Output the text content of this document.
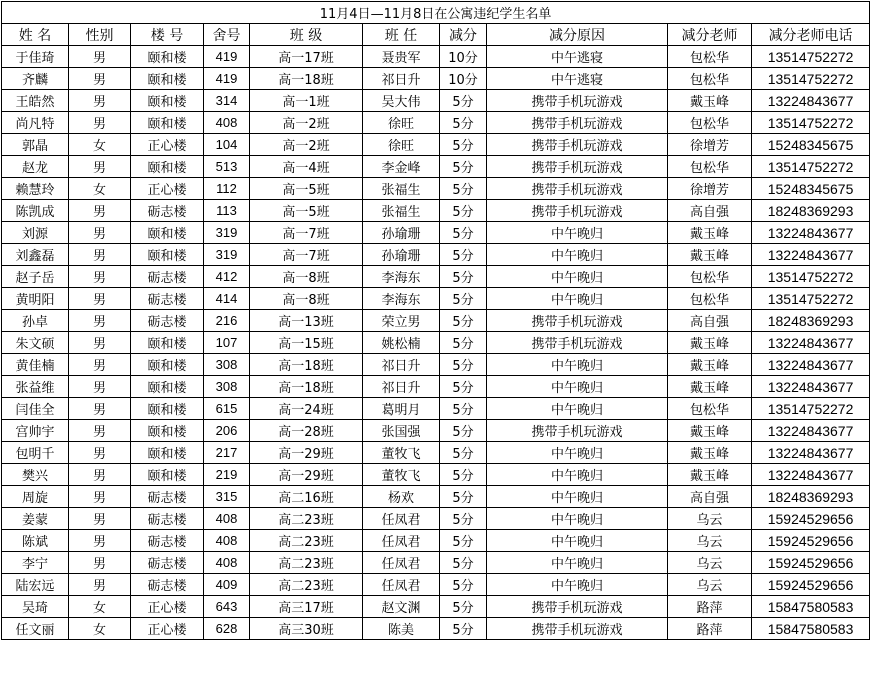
11月4日—11月8日在公寓违纪学生名单									
姓 名	性别	楼 号	舍号	班 级	班 任	减分	减分原因	减分老师	减分老师电话
于佳琦	男	颐和楼	419	高一17班	聂贵军	10分	中午逃寝	包松华	13514752272
齐麟	男	颐和楼	419	高一18班	祁日升	10分	中午逃寝	包松华	13514752272
王皓然	男	颐和楼	314	高一1班	吴大伟	5分	携带手机玩游戏	戴玉峰	13224843677
尚凡特	男	颐和楼	408	高一2班	徐旺	5分	携带手机玩游戏	包松华	13514752272
郭晶	女	正心楼	104	高一2班	徐旺	5分	携带手机玩游戏	徐增芳	15248345675
赵龙	男	颐和楼	513	高一4班	李金峰	5分	携带手机玩游戏	包松华	13514752272
赖慧玲	女	正心楼	112	高一5班	张福生	5分	携带手机玩游戏	徐增芳	15248345675
陈凯成	男	砺志楼	113	高一5班	张福生	5分	携带手机玩游戏	高自强	18248369293
刘源	男	颐和楼	319	高一7班	孙瑜珊	5分	中午晚归	戴玉峰	13224843677
刘鑫磊	男	颐和楼	319	高一7班	孙瑜珊	5分	中午晚归	戴玉峰	13224843677
赵子岳	男	砺志楼	412	高一8班	李海东	5分	中午晚归	包松华	13514752272
黄明阳	男	砺志楼	414	高一8班	李海东	5分	中午晚归	包松华	13514752272
孙卓	男	砺志楼	216	高一13班	荣立男	5分	携带手机玩游戏	高自强	18248369293
朱文硕	男	颐和楼	107	高一15班	姚松楠	5分	携带手机玩游戏	戴玉峰	13224843677
黄佳楠	男	颐和楼	308	高一18班	祁日升	5分	中午晚归	戴玉峰	13224843677
张益维	男	颐和楼	308	高一18班	祁日升	5分	中午晚归	戴玉峰	13224843677
闫佳全	男	颐和楼	615	高一24班	葛明月	5分	中午晚归	包松华	13514752272
宫帅宇	男	颐和楼	206	高一28班	张国强	5分	携带手机玩游戏	戴玉峰	13224843677
包明千	男	颐和楼	217	高一29班	董牧飞	5分	中午晚归	戴玉峰	13224843677
樊兴	男	颐和楼	219	高一29班	董牧飞	5分	中午晚归	戴玉峰	13224843677
周旋	男	砺志楼	315	高二16班	杨欢	5分	中午晚归	高自强	18248369293
姜蒙	男	砺志楼	408	高二23班	任凤君	5分	中午晚归	乌云	15924529656
陈斌	男	砺志楼	408	高二23班	任凤君	5分	中午晚归	乌云	15924529656
李宁	男	砺志楼	408	高二23班	任凤君	5分	中午晚归	乌云	15924529656
陆宏远	男	砺志楼	409	高二23班	任凤君	5分	中午晚归	乌云	15924529656
吴琦	女	正心楼	643	高三17班	赵文渊	5分	携带手机玩游戏	路萍	15847580583
任文丽	女	正心楼	628	高三30班	陈美	5分	携带手机玩游戏	路萍	15847580583
